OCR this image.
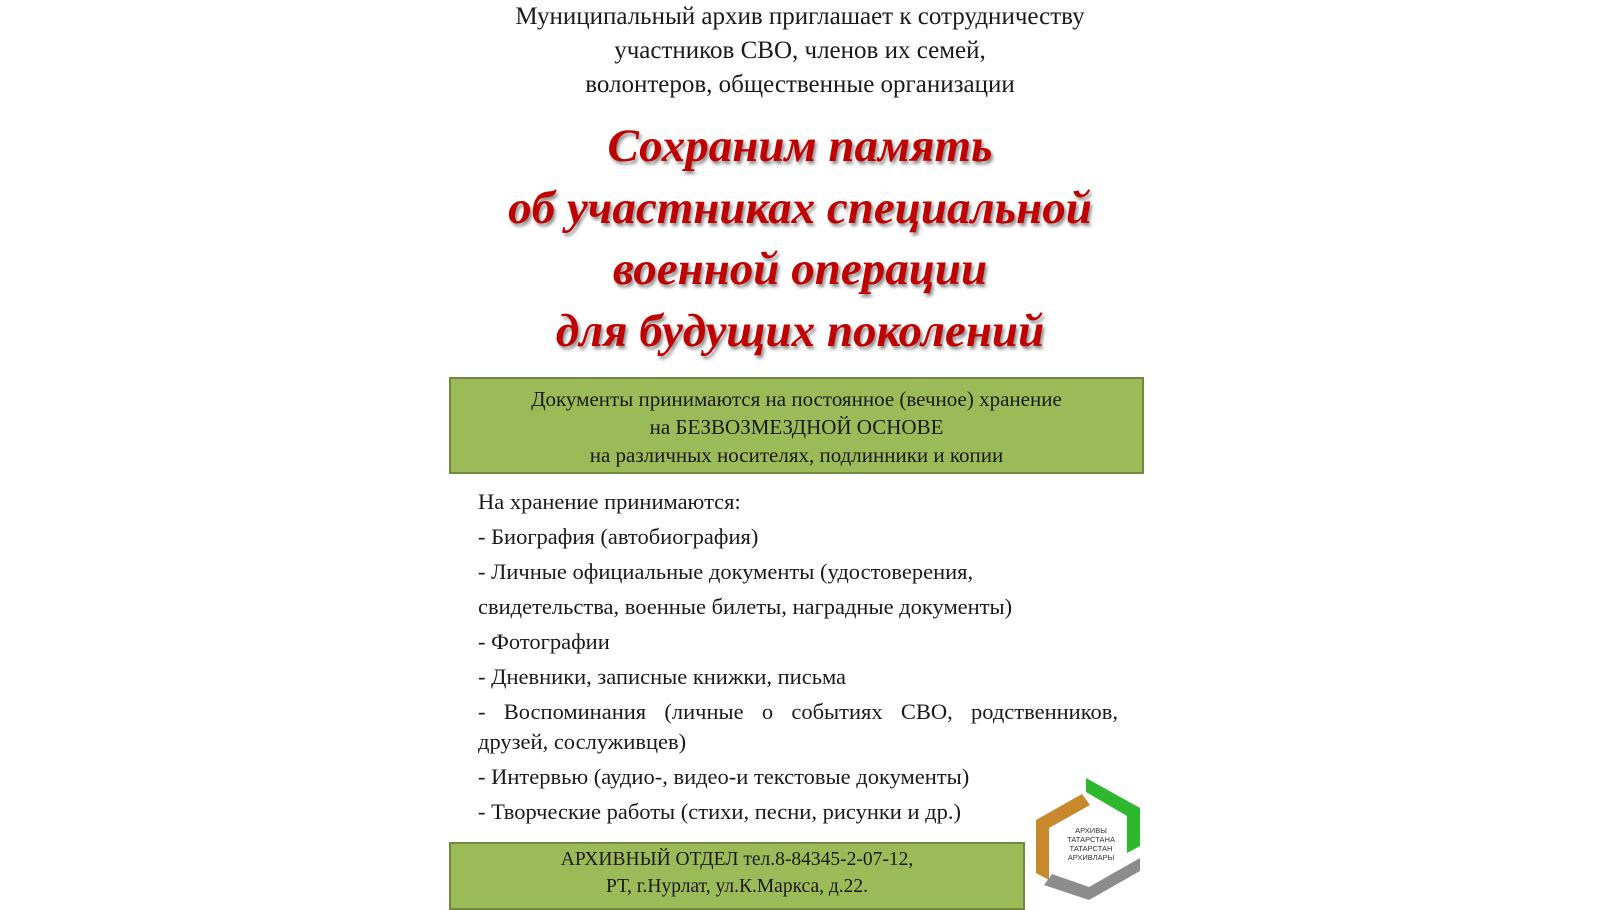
Муниципальный архив приглашает к сотрудничеству
участников СВО, членов их семей,
волонтеров, общественные организации
Сохраним память
об участниках специальной
военной операции
для будущих поколений
Документы принимаются на постоянное (вечное) хранение
на БЕЗВОЗМЕЗДНОЙ ОСНОВЕ
на различных носителях, подлинники и копии
На хранение принимаются:
- Биография (автобиография)
- Личные официальные документы (удостоверения,
свидетельства, военные билеты, наградные документы)
- Фотографии
- Дневники, записные книжки, письма
- Воспоминания (личные о событиях СВО, родственников,
друзей, сослуживцев)
- Интервью (аудио-, видео-и текстовые документы)
- Творческие работы (стихи, песни, рисунки и др.)
АРХИВНЫЙ ОТДЕЛ тел.8-84345-2-07-12,
РТ, г.Нурлат, ул.К.Маркса, д.22.
АРХИВЫ
ТАТАРСТАНА
ТАТАРСТАН
АРХИВЛАРЫ
